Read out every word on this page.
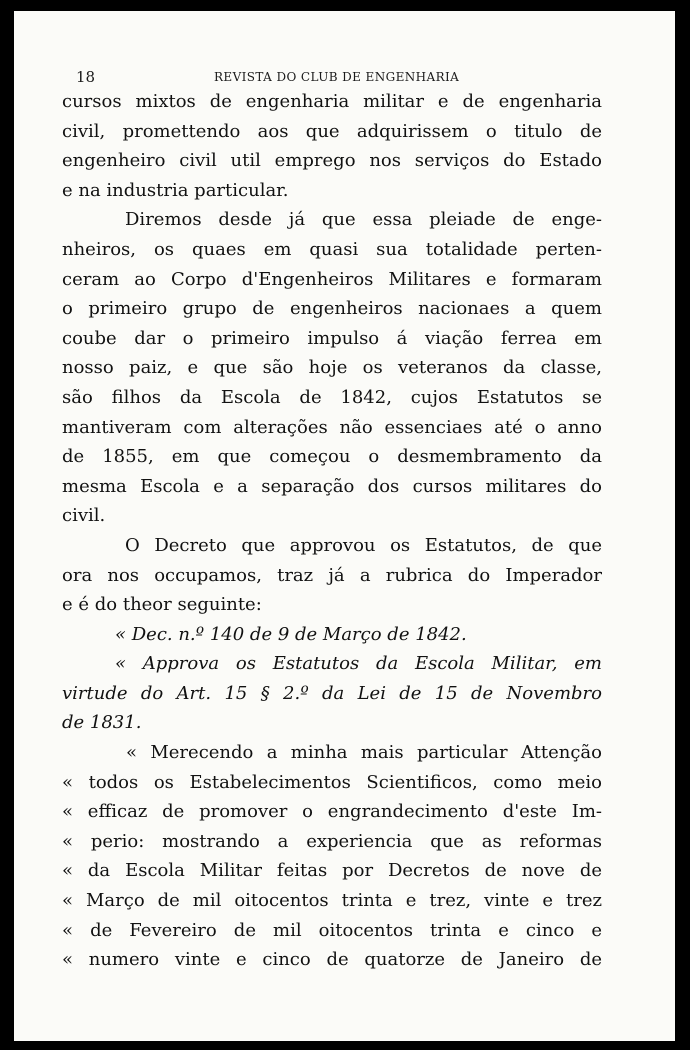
18	REVISTA DO CLUB DE ENGENHARIA
cursos mixtos de engenharia militar e de engenharia
civil, promettendo aos que adquirissem o titulo de
engenheiro civil util emprego nos serviços do Estado
e na industria particular.
Diremos desde já que essa pleiade de enge-
nheiros, os quaes em quasi sua totalidade perten-
ceram ao Corpo d'Engenheiros Militares e formaram
o primeiro grupo de engenheiros nacionaes a quem
coube dar o primeiro impulso á viação ferrea em
nosso paiz, e que são hoje os veteranos da classe,
são filhos da Escola de 1842, cujos Estatutos se
mantiveram com alterações não essenciaes até o anno
de 1855, em que começou o desmembramento da
mesma Escola e a separação dos cursos militares do
civil.
O Decreto que approvou os Estatutos, de que
ora nos occupamos, traz já a rubrica do Imperador
e é do theor seguinte:
« Dec. n.º 140 de 9 de Março de 1842.
« Approva os Estatutos da Escola Militar, em
virtude do Art. 15 § 2.º da Lei de 15 de Novembro
de 1831.
« Merecendo a minha mais particular Attenção
« todos os Estabelecimentos Scientificos, como meio
« efficaz de promover o engrandecimento d'este Im-
« perio: mostrando a experiencia que as reformas
« da Escola Militar feitas por Decretos de nove de
« Março de mil oitocentos trinta e trez, vinte e trez
« de Fevereiro de mil oitocentos trinta e cinco e
« numero vinte e cinco de quatorze de Janeiro de
